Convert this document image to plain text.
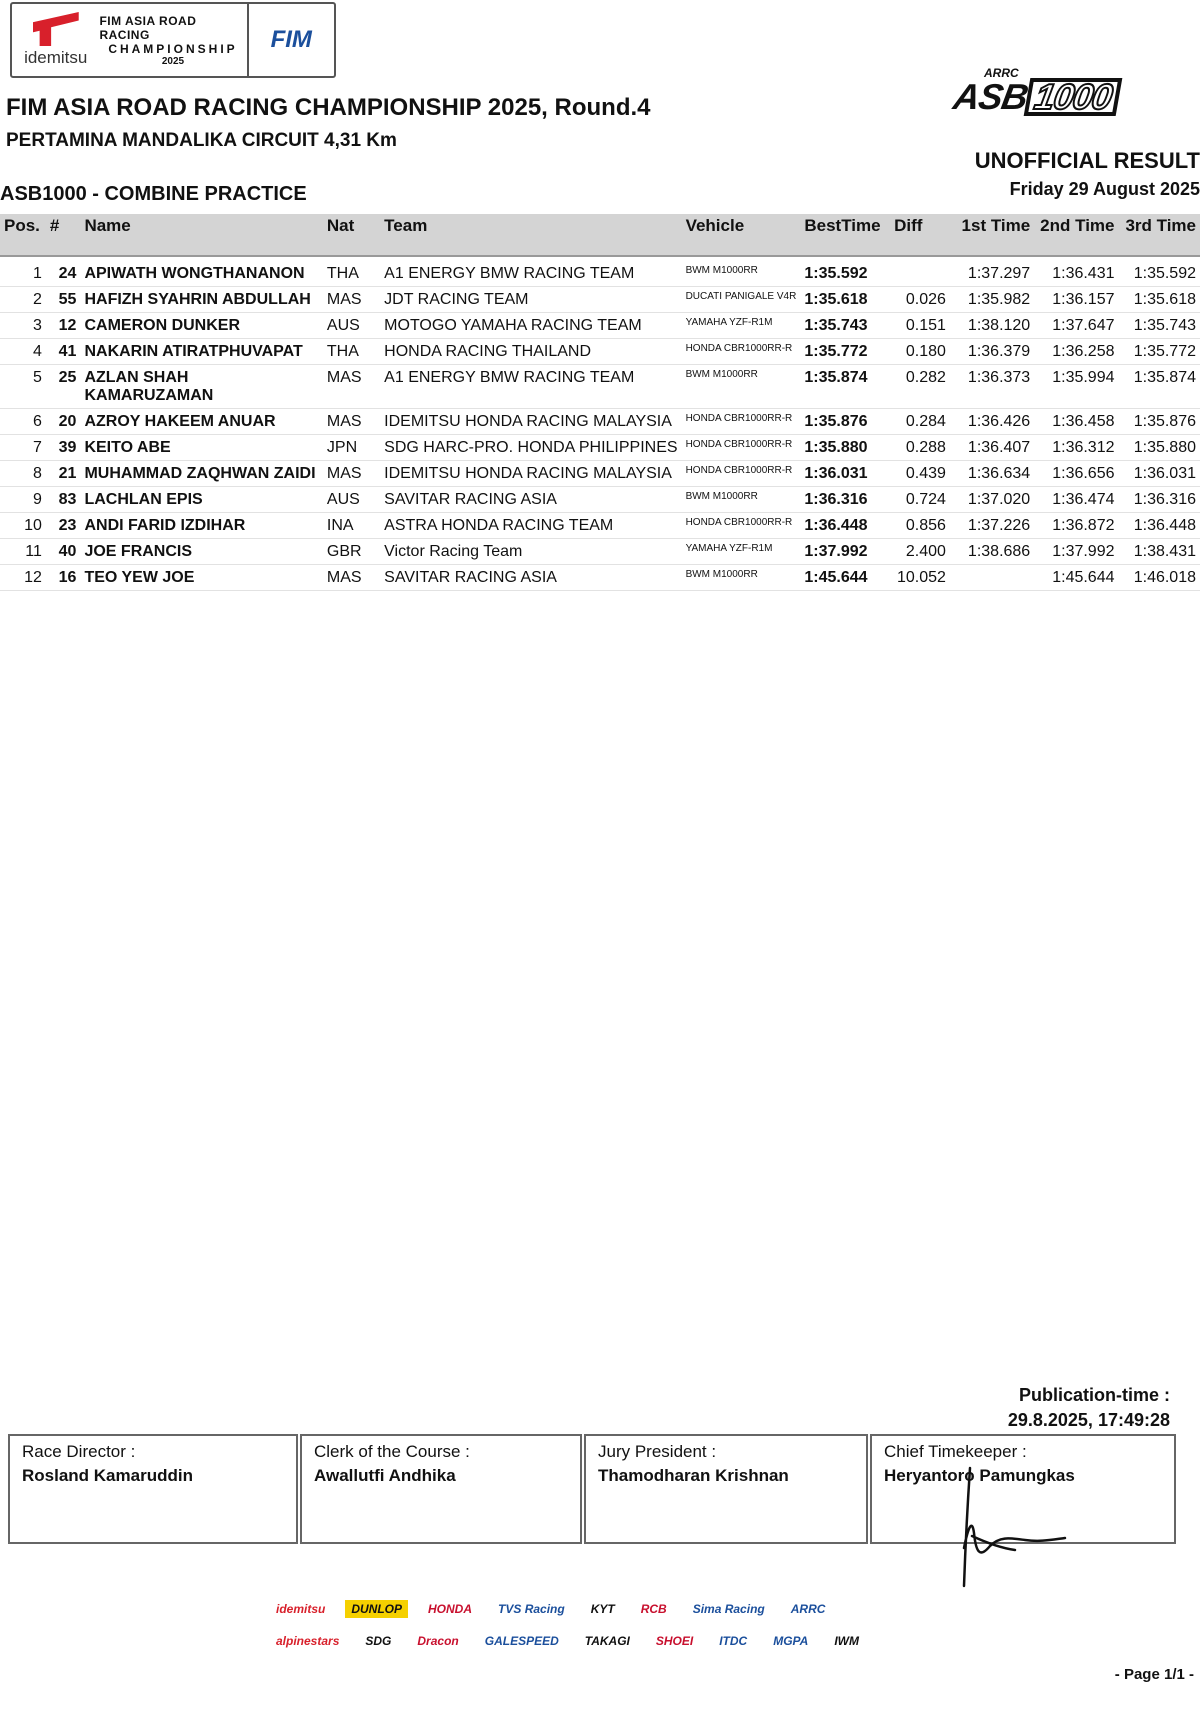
idemitsu
FIM ASIA ROAD RACING
CHAMPIONSHIP
2025
FIM
ARRC
ASB1000
FIM ASIA ROAD RACING CHAMPIONSHIP 2025, Round.4
PERTAMINA MANDALIKA CIRCUIT 4,31 Km
ASB1000 - COMBINE PRACTICE
UNOFFICIAL RESULT
Friday 29 August 2025
Pos.	#	Name	Nat	Team	Vehicle	BestTime	Diff	1st Time	2nd Time	3rd Time
1	24	APIWATH WONGTHANANON	THA	A1 ENERGY BMW RACING TEAM	BWM M1000RR	1:35.592		1:37.297	1:36.431	1:35.592
2	55	HAFIZH SYAHRIN ABDULLAH	MAS	JDT RACING TEAM	DUCATI PANIGALE V4R	1:35.618	0.026	1:35.982	1:36.157	1:35.618
3	12	CAMERON DUNKER	AUS	MOTOGO YAMAHA RACING TEAM	YAMAHA YZF-R1M	1:35.743	0.151	1:38.120	1:37.647	1:35.743
4	41	NAKARIN ATIRATPHUVAPAT	THA	HONDA RACING THAILAND	HONDA CBR1000RR-R	1:35.772	0.180	1:36.379	1:36.258	1:35.772
5	25	AZLAN SHAH KAMARUZAMAN	MAS	A1 ENERGY BMW RACING TEAM	BWM M1000RR	1:35.874	0.282	1:36.373	1:35.994	1:35.874
6	20	AZROY HAKEEM ANUAR	MAS	IDEMITSU HONDA RACING MALAYSIA	HONDA CBR1000RR-R	1:35.876	0.284	1:36.426	1:36.458	1:35.876
7	39	KEITO ABE	JPN	SDG HARC-PRO. HONDA PHILIPPINES	HONDA CBR1000RR-R	1:35.880	0.288	1:36.407	1:36.312	1:35.880
8	21	MUHAMMAD ZAQHWAN ZAIDI	MAS	IDEMITSU HONDA RACING MALAYSIA	HONDA CBR1000RR-R	1:36.031	0.439	1:36.634	1:36.656	1:36.031
9	83	LACHLAN EPIS	AUS	SAVITAR RACING ASIA	BWM M1000RR	1:36.316	0.724	1:37.020	1:36.474	1:36.316
10	23	ANDI FARID IZDIHAR	INA	ASTRA HONDA RACING TEAM	HONDA CBR1000RR-R	1:36.448	0.856	1:37.226	1:36.872	1:36.448
11	40	JOE FRANCIS	GBR	Victor Racing Team	YAMAHA YZF-R1M	1:37.992	2.400	1:38.686	1:37.992	1:38.431
12	16	TEO YEW JOE	MAS	SAVITAR RACING ASIA	BWM M1000RR	1:45.644	10.052		1:45.644	1:46.018
Publication-time :
29.8.2025, 17:49:28
Race Director :
Rosland Kamaruddin
Clerk of the Course :
Awallutfi Andhika
Jury President :
Thamodharan Krishnan
Chief Timekeeper :
Heryantoro Pamungkas
idemitsu	DUNLOP	HONDA	TVS Racing	KYT	RCB	Sima Racing	ARRC
alpinestars	SDG	Dracon	GALESPEED	TAKAGI	SHOEI	ITDC	MGPA	IWM
- Page 1/1 -
